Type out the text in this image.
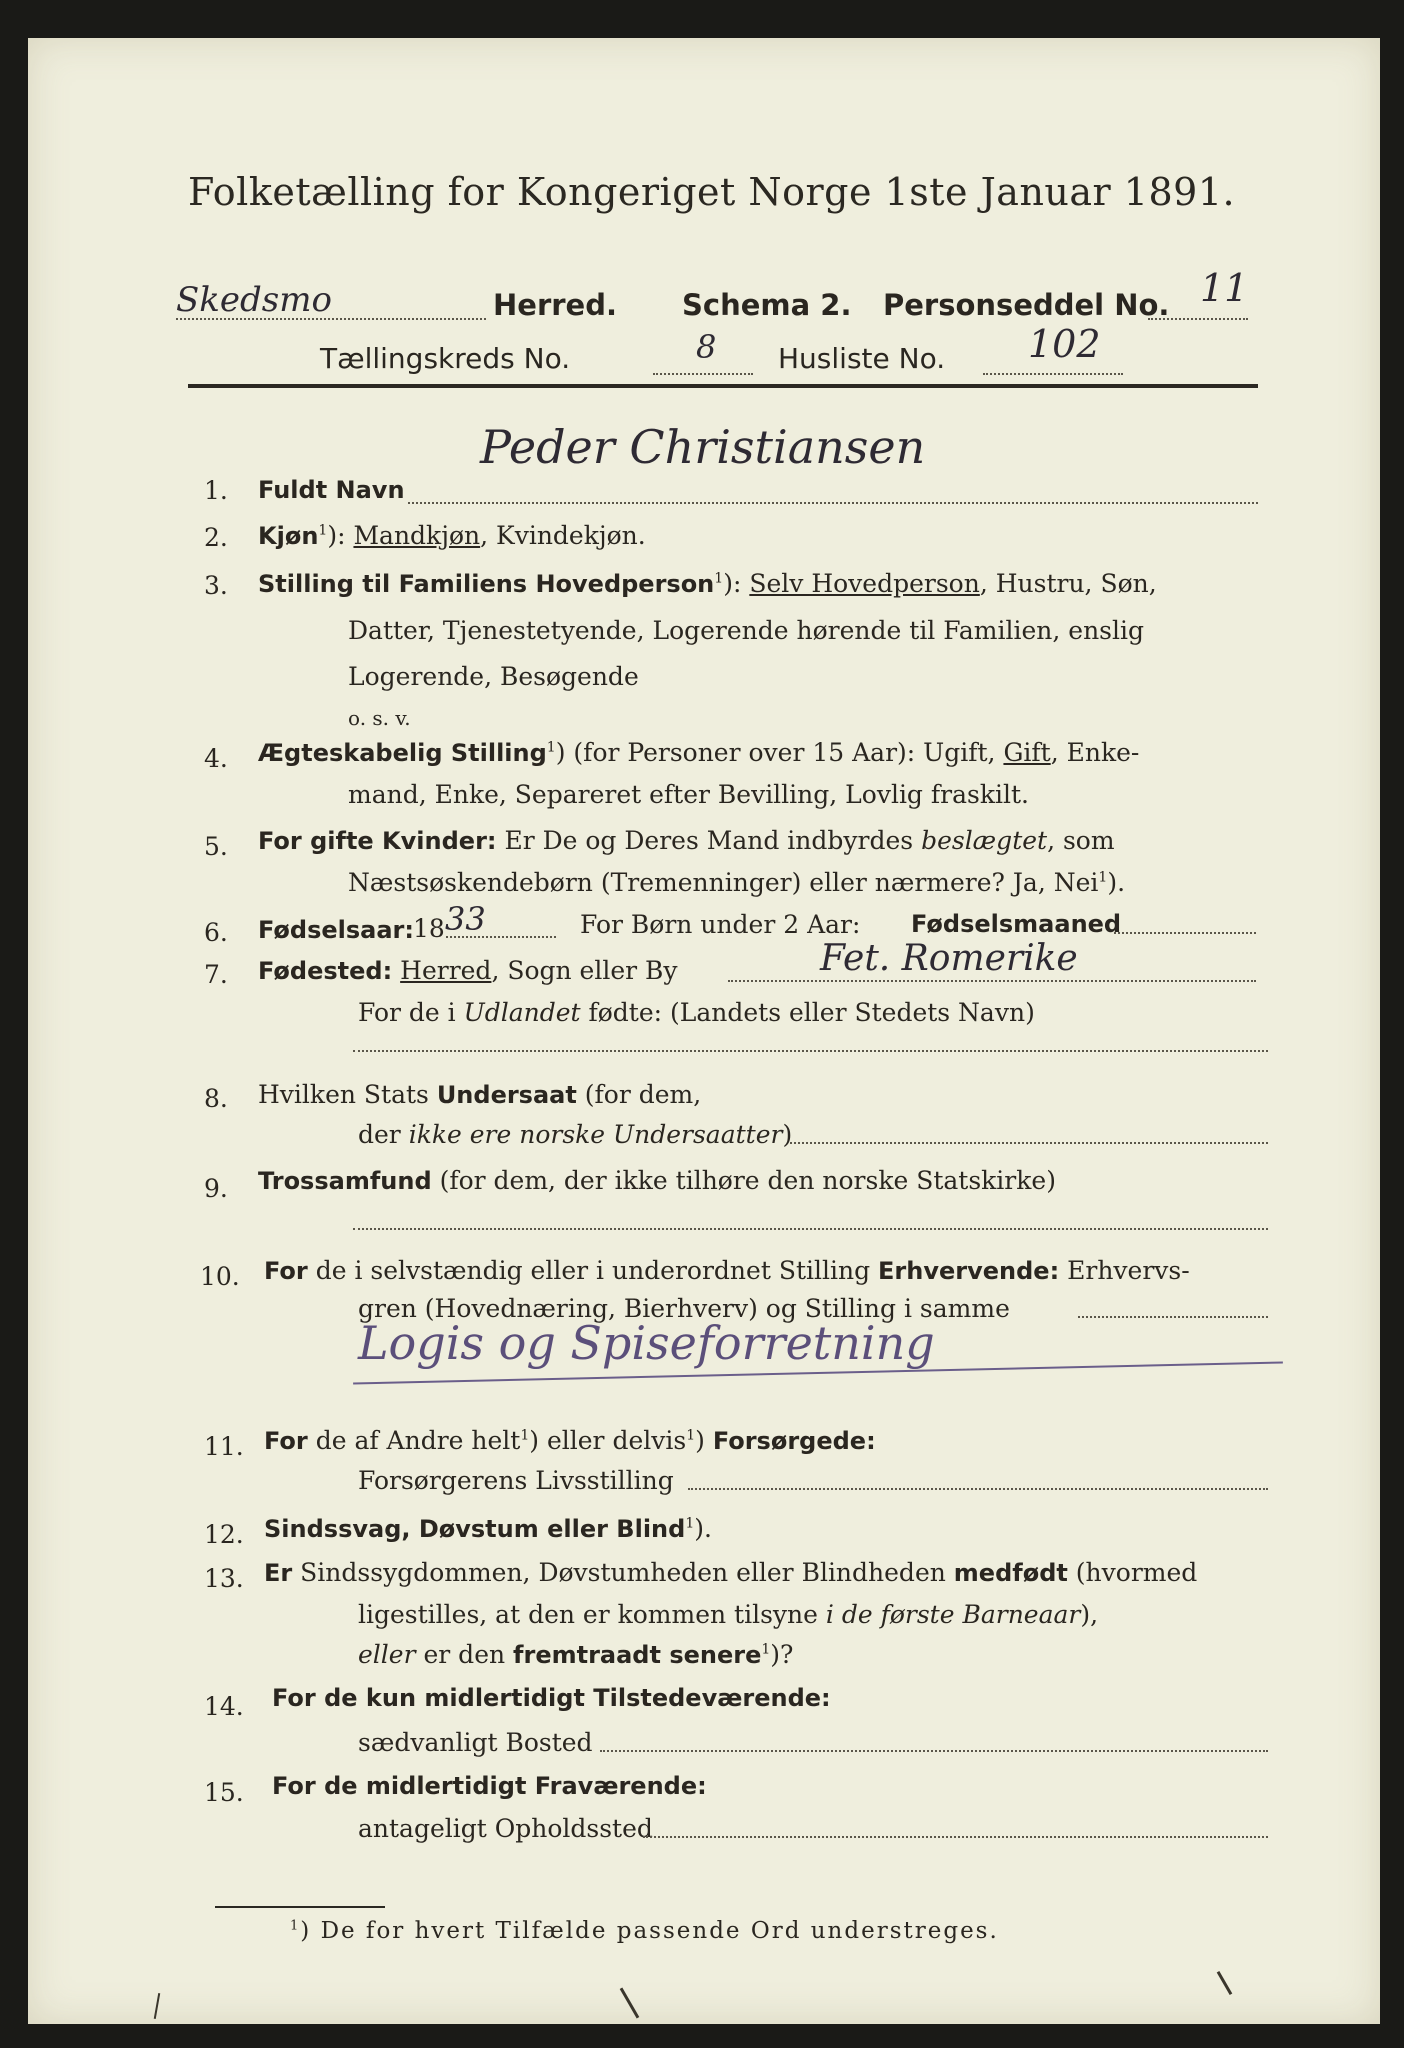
Folketælling for Kongeriget Norge 1ste Januar 1891.
Skedsmo	Herred. Schema 2. Personseddel No. 11
Tællingskreds No.	8 Husliste No. 102
1. Fuldt Navn
Peder Christiansen
2. Kjøn$^1$): Mandkjøn, Kvindekjøn.
3. Stilling til Familiens Hovedperson$^1$): Selv Hovedperson, Hustru, Søn,
Datter, Tjenestetyende, Logerende hørende til Familien, enslig
Logerende, Besøgende
o. s. v.
4. Ægteskabelig Stilling$^1$) (for Personer over 15 Aar): Ugift, Gift, Enke-
mand, Enke, Separeret efter Bevilling, Lovlig fraskilt.
5. For gifte Kvinder: Er De og Deres Mand indbyrdes beslægtet, som
Næstsøskendebørn (Tremenninger) eller nærmere? Ja, Nei$^1$).
6. Fødselsaar: 18 33	For Børn under 2 Aar: Fødselsmaaned
7. Fødested: Herred, Sogn eller By	Fet. Romerike
For de i Udlandet fødte: (Landets eller Stedets Navn)
8. Hvilken Stats Undersaat (for dem,
der ikke ere norske Undersaatter)
9. Trossamfund (for dem, der ikke tilhøre den norske Statskirke)
10. For de i selvstændig eller i underordnet Stilling Erhvervende: Erhvervs-
gren (Hovednæring, Bierhverv) og Stilling i samme
Logis og Spiseforretning
11. For de af Andre helt$^1$) eller delvis$^1$) Forsørgede:
Forsørgerens Livsstilling
12. Sindssvag, Døvstum eller Blind$^1$).
13. Er Sindssygdommen, Døvstumheden eller Blindheden medfødt (hvormed
ligestilles, at den er kommen tilsyne i de første Barneaar),
eller er den fremtraadt senere$^1$)?
14. For de kun midlertidigt Tilstedeværende:
sædvanligt Bosted
15. For de midlertidigt Fraværende:
antageligt Opholdssted
$^1$) De for hvert Tilfælde passende Ord understreges.
